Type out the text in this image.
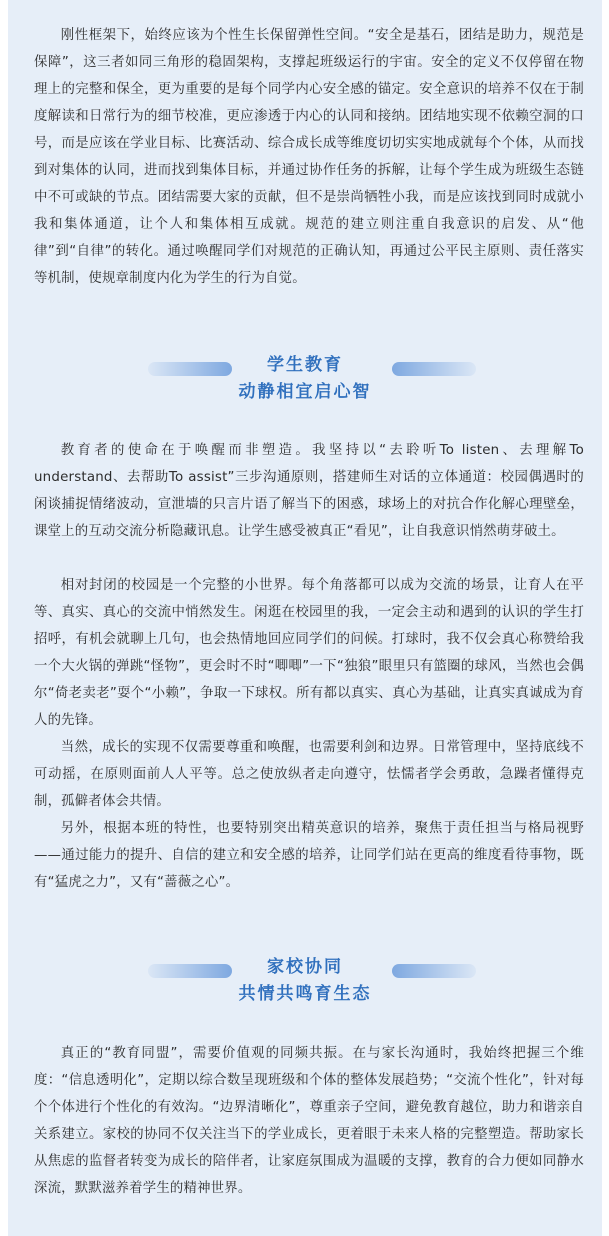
刚性框架下，始终应该为个性生长保留弹性空间。“安全是基石，团结是助力，规范是保障”，这三者如同三角形的稳固架构，支撑起班级运行的宇宙。安全的定义不仅停留在物理上的完整和保全，更为重要的是每个同学内心安全感的锚定。安全意识的培养不仅在于制度解读和日常行为的细节校准，更应渗透于内心的认同和接纳。团结地实现不依赖空洞的口号，而是应该在学业目标、比赛活动、综合成长成等维度切切实实地成就每个个体，从而找到对集体的认同，进而找到集体目标，并通过协作任务的拆解，让每个学生成为班级生态链中不可或缺的节点。团结需要大家的贡献，但不是崇尚牺牲小我，而是应该找到同时成就小我和集体通道，让个人和集体相互成就。规范的建立则注重自我意识的启发、从“他律”到“自律”的转化。通过唤醒同学们对规范的正确认知，再通过公平民主原则、责任落实等机制，使规章制度内化为学生的行为自觉。

学生教育
动静相宜启心智

教育者的使命在于唤醒而非塑造。我坚持以“去聆听To listen、去理解To understand、去帮助To assist”三步沟通原则，搭建师生对话的立体通道：校园偶遇时的闲谈捕捉情绪波动，宣泄墙的只言片语了解当下的困惑，球场上的对抗合作化解心理壁垒，课堂上的互动交流分析隐藏讯息。让学生感受被真正“看见”，让自我意识悄然萌芽破土。

相对封闭的校园是一个完整的小世界。每个角落都可以成为交流的场景，让育人在平等、真实、真心的交流中悄然发生。闲逛在校园里的我，一定会主动和遇到的认识的学生打招呼，有机会就聊上几句，也会热情地回应同学们的问候。打球时，我不仅会真心称赞给我一个大火锅的弹跳“怪物”，更会时不时“唧唧”一下“独狼”眼里只有篮圈的球风，当然也会偶尔“倚老卖老”耍个“小赖”，争取一下球权。所有都以真实、真心为基础，让真实真诚成为育人的先锋。

当然，成长的实现不仅需要尊重和唤醒，也需要利剑和边界。日常管理中，坚持底线不可动摇，在原则面前人人平等。总之使放纵者走向遵守，怯懦者学会勇敢，急躁者懂得克制，孤僻者体会共情。

另外，根据本班的特性，也要特别突出精英意识的培养，聚焦于责任担当与格局视野——通过能力的提升、自信的建立和安全感的培养，让同学们站在更高的维度看待事物，既有“猛虎之力”，又有“蔷薇之心”。

家校协同
共情共鸣育生态

真正的“教育同盟”，需要价值观的同频共振。在与家长沟通时，我始终把握三个维度：“信息透明化”，定期以综合数呈现班级和个体的整体发展趋势；“交流个性化”，针对每个个体进行个性化的有效沟。“边界清晰化”，尊重亲子空间，避免教育越位，助力和谐亲自关系建立。家校的协同不仅关注当下的学业成长，更着眼于未来人格的完整塑造。帮助家长从焦虑的监督者转变为成长的陪伴者，让家庭氛围成为温暖的支撑，教育的合力便如同静水深流，默默滋养着学生的精神世界。
